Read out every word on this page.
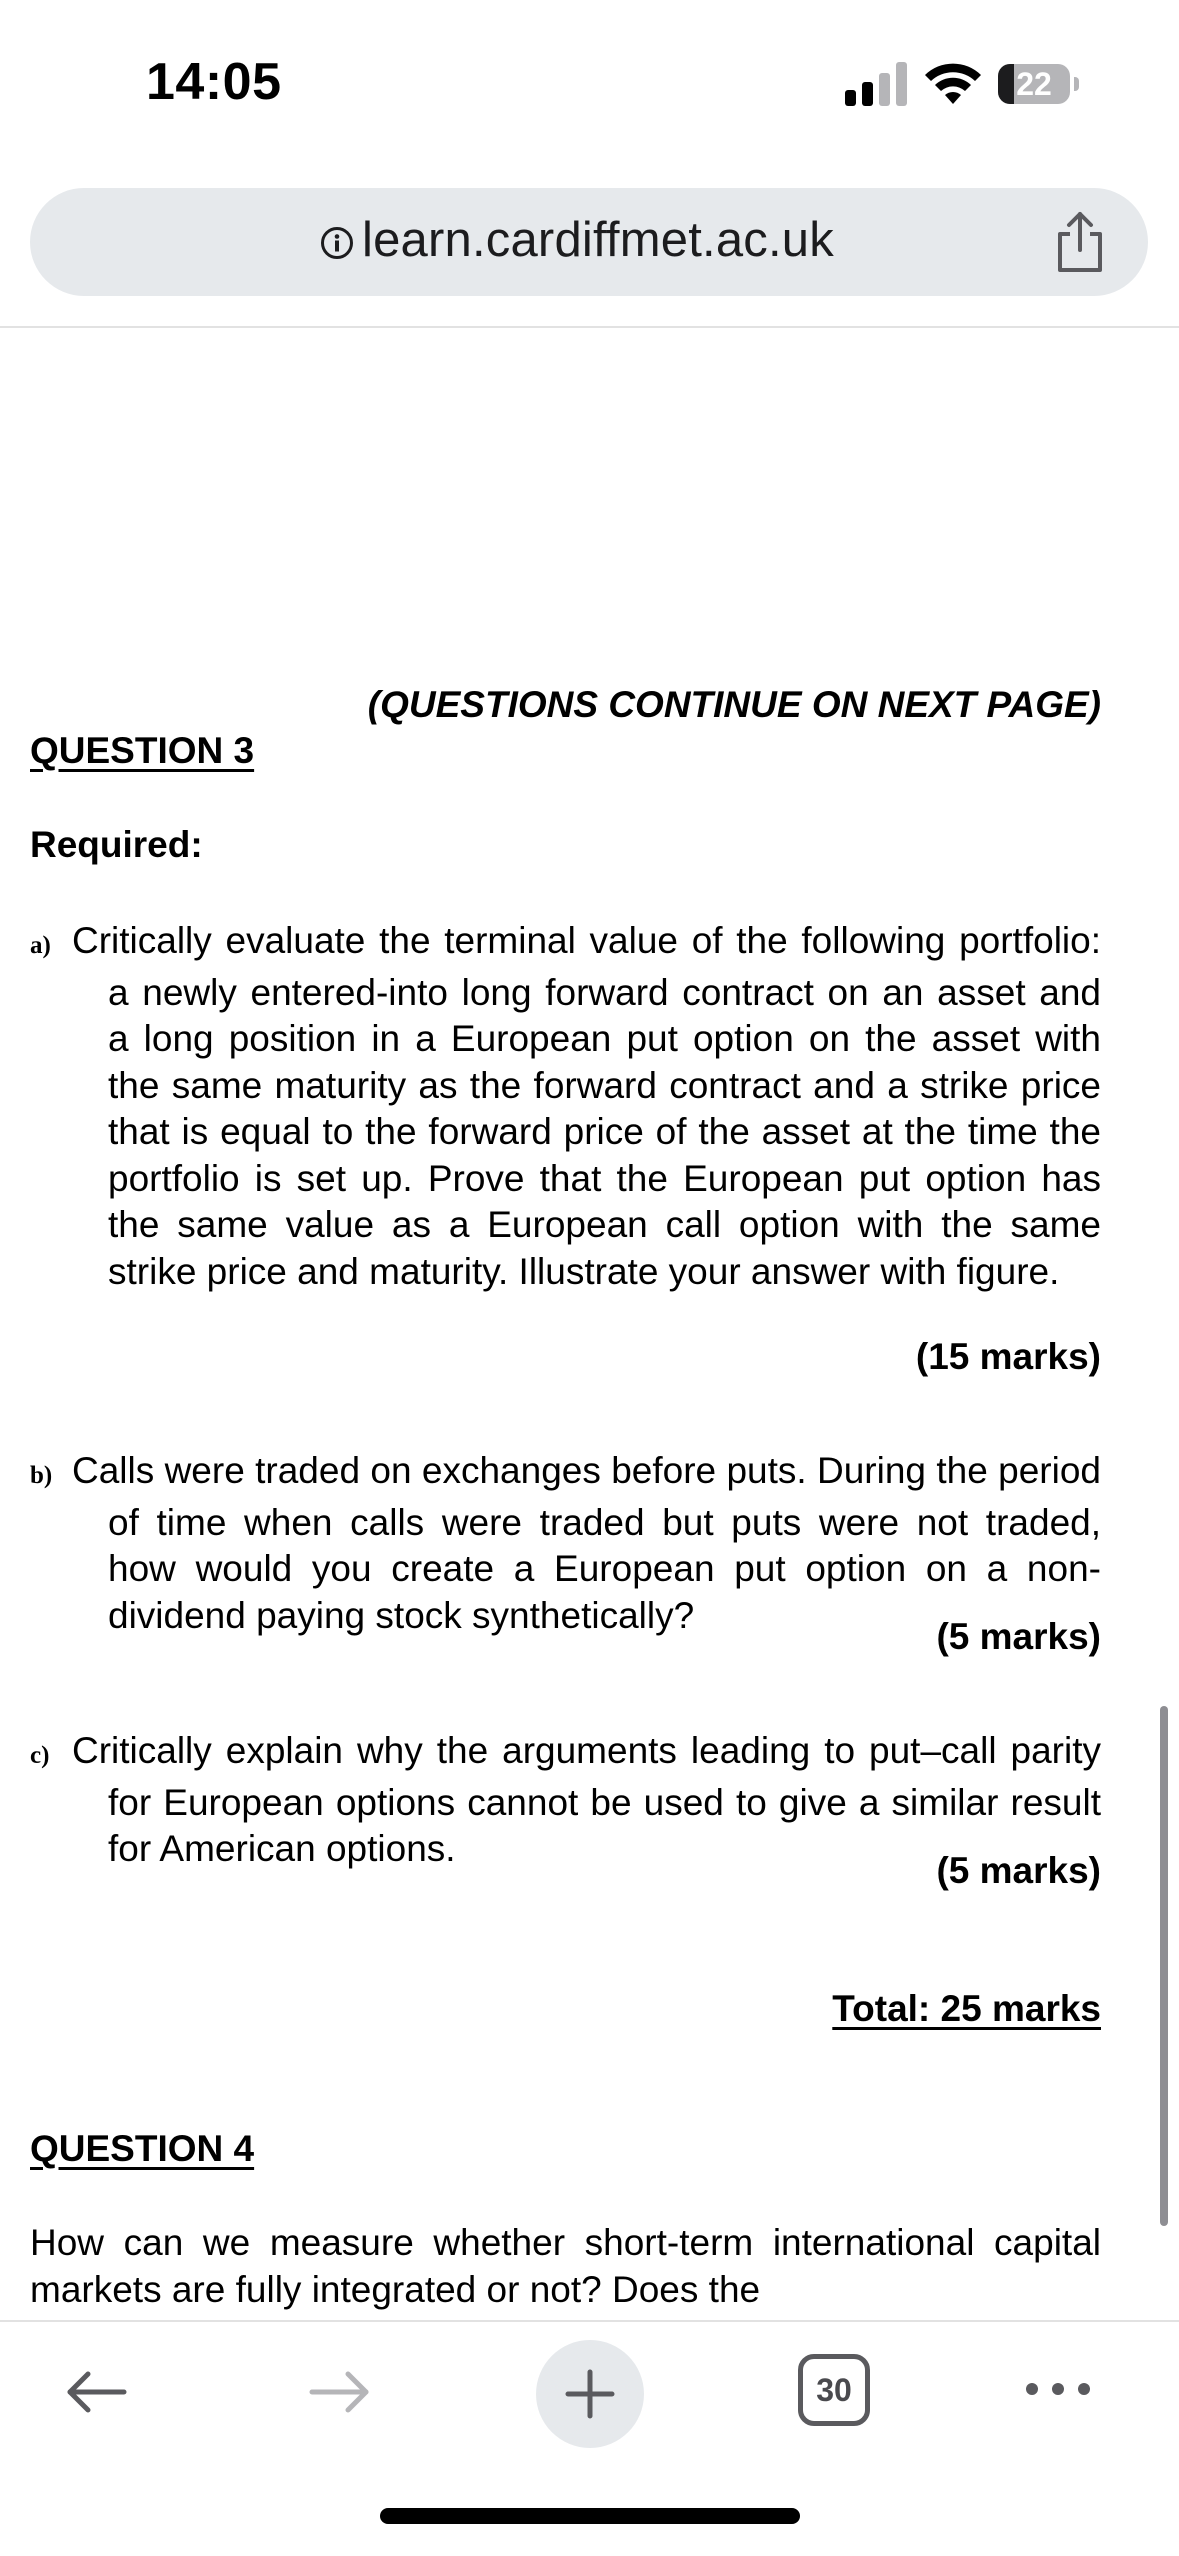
14:05	22
learn.cardiffmet.ac.uk
(QUESTIONS CONTINUE ON NEXT PAGE)
QUESTION 3
Required:

a) Critically evaluate the terminal value of the following portfolio: a newly entered-into long forward contract on an asset and a long position in a European put option on the asset with the same maturity as the forward contract and a strike price that is equal to the forward price of the asset at the time the portfolio is set up. Prove that the European put option has the same value as a European call option with the same strike price and maturity. Illustrate your answer with figure.

(15 marks)

b) Calls were traded on exchanges before puts. During the period of time when calls were traded but puts were not traded, how would you create a European put option on a non-dividend paying stock synthetically?

(5 marks)

c) Critically explain why the arguments leading to put–call parity for European options cannot be used to give a similar result for American options.

(5 marks)
Total: 25 marks
QUESTION 4

How can we measure whether short-term international capital markets are fully integrated or not? Does the

30
